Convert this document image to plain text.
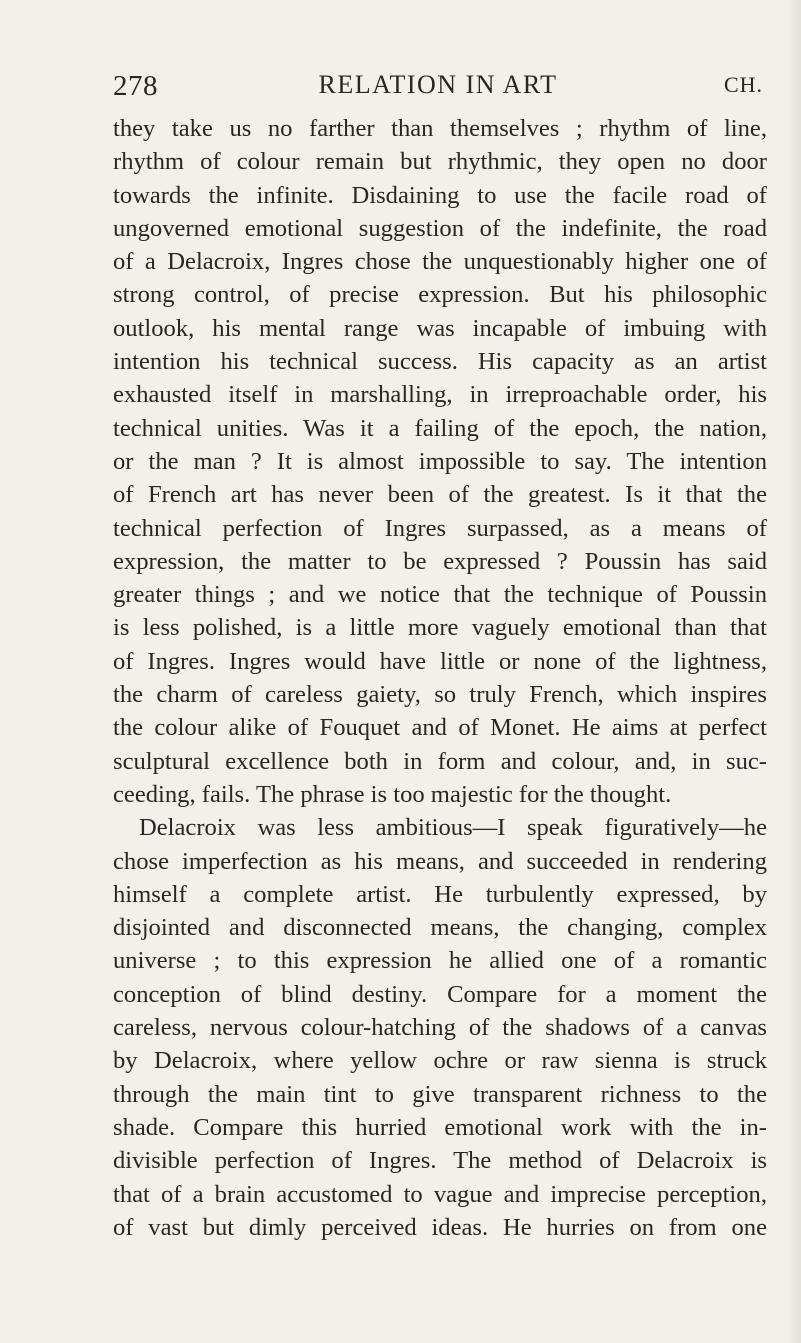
278	RELATION IN ART	CH.
they take us no farther than themselves ; rhythm of line,
rhythm of colour remain but rhythmic, they open no door
towards the infinite. Disdaining to use the facile road of
ungoverned emotional suggestion of the indefinite, the road
of a Delacroix, Ingres chose the unquestionably higher one of
strong control, of precise expression. But his philosophic
outlook, his mental range was incapable of imbuing with
intention his technical success. His capacity as an artist
exhausted itself in marshalling, in irreproachable order, his
technical unities. Was it a failing of the epoch, the nation,
or the man ? It is almost impossible to say. The intention
of French art has never been of the greatest. Is it that the
technical perfection of Ingres surpassed, as a means of
expression, the matter to be expressed ? Poussin has said
greater things ; and we notice that the technique of Poussin
is less polished, is a little more vaguely emotional than that
of Ingres. Ingres would have little or none of the lightness,
the charm of careless gaiety, so truly French, which inspires
the colour alike of Fouquet and of Monet. He aims at perfect
sculptural excellence both in form and colour, and, in suc-
ceeding, fails. The phrase is too majestic for the thought.
Delacroix was less ambitious—I speak figuratively—he
chose imperfection as his means, and succeeded in rendering
himself a complete artist. He turbulently expressed, by
disjointed and disconnected means, the changing, complex
universe ; to this expression he allied one of a romantic
conception of blind destiny. Compare for a moment the
careless, nervous colour-hatching of the shadows of a canvas
by Delacroix, where yellow ochre or raw sienna is struck
through the main tint to give transparent richness to the
shade. Compare this hurried emotional work with the in-
divisible perfection of Ingres. The method of Delacroix is
that of a brain accustomed to vague and imprecise perception,
of vast but dimly perceived ideas. He hurries on from one
